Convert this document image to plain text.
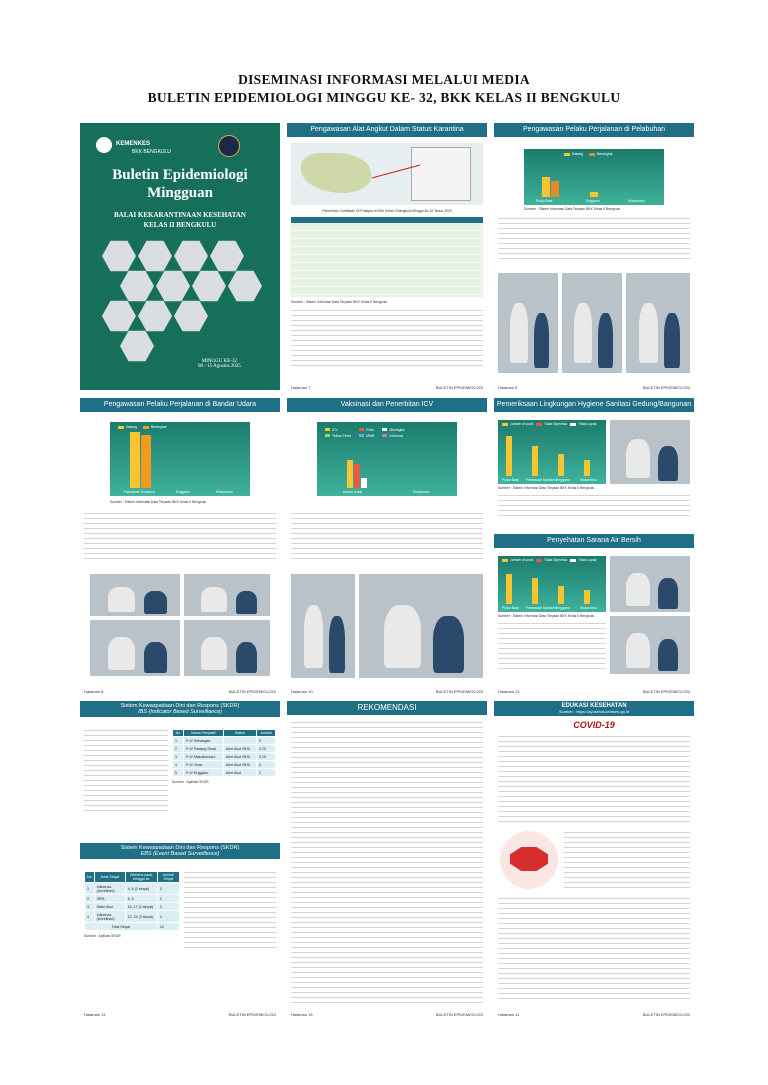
DISEMINASI INFORMASI MELALUI MEDIA
BULETIN EPIDEMIOLOGI MINGGU KE- 32, BKK KELAS II BENGKULU
KEMENKES
BKK BENGKULU
Buletin Epidemiologi
Mingguan
BALAI KEKARANTINAAN KESEHATAN
KELAS II BENGKULU
MINGGU KE-32
08 - 15 Agustus 2025
Pengawasan Alat Angkut Dalam Status Karantina
Penerbitan Certificate Of Pratique di BKK Kelas II Bengkulu Minggu ke-32 Tahun 2025
Sumber : Sistem Informasi Data Terpadu BKK Kelas II Bengkulu
Halaman 7	BULETIN EPIDEMIOLOGI
Pengawasan Pelaku Perjalanan di Pelabuhan
Datang	Berangkat
Pulau Baai	Enggano	Mukomuko
Sumber : Sistem Informasi Data Terpadu BKK Kelas II Bengkulu
Halaman 5	BULETIN EPIDEMIOLOGI
Pengawasan Pelaku Perjalanan di Bandar Udara
Datang	Berangkat
Fatmawati Soekarno	Enggano	Mukomuko
Sumber : Sistem Informasi Data Terpadu BKK Kelas II Bengkulu
Halaman 8	BULETIN EPIDEMIOLOGI
Vaksinasi dan Penerbitan ICV
ICV	Polio	Meningitis
Yellow Fever	MMR	Influenza
Kantor Induk	Mukomuko
Halaman 10	BULETIN EPIDEMIOLOGI
Pemeriksaan Lingkungan Hygiene Sanitasi Gedung/Bangunan
Jumlah di surat	Tidak Diperiksa	Tidak Layak
Pulau Baai Fatmawati Soekarno
Enggano	Mukomuko
Sumber : Sistem Informasi Data Terpadu BKK Kelas II Bengkulu
Penyehatan Sarana Air Bersih
Jumlah di surat	Tidak Diperiksa	Tidak Layak
Pulau Baai Fatmawati Soekarno
Enggano	Mukomuko
Sumber : Sistem Informasi Data Terpadu BKK Kelas II Bengkulu
Halaman 12	BULETIN EPIDEMIOLOGI
Sistem Kewaspadaan Dini dan Respons (SKDR)
IBS (Indicator Based Surveillance)
No	Nama Penyakit	Status	Jumlah
1	P-IV Sehangan	-	0
2	P-IV Padang Serai	Alert Akut ISPA	4 20
3	P-IV Makukomuko	Alert Akut ISPA	3 19
4	P-IV Jeuw	Alert Akut ISPA	4
5	P-IV Enggano	Alert Akut	2
Sumber : Aplikasi SKDR
Sistem Kewaspadaan Dini dan Respons (SKDR)
EBS (Event Based Surveillance)
No	Jenis Sinyal	Diterima pada minggu ke	Jumlah Sinyal
1	Influenza (Unrefined)	4, 6 (2 sinyal)	3
2	ISPA	6, 6	2
3	Diare Akut	16, 17 (2 sinyal)	3
4	Influenza (Unrefined)	22, 23 (3 sinyal)	4
Total Sinyal			12
Sumber : Aplikasi SKDR
Halaman 14	BULETIN EPIDEMIOLOGI
REKOMENDASI
Halaman 15	BULETIN EPIDEMIOLOGI
EDUKASI KESEHATAN
Sumber : https://ayosehat.kemkes.go.id
COVID-19
Halaman 11	BULETIN EPIDEMIOLOGI
